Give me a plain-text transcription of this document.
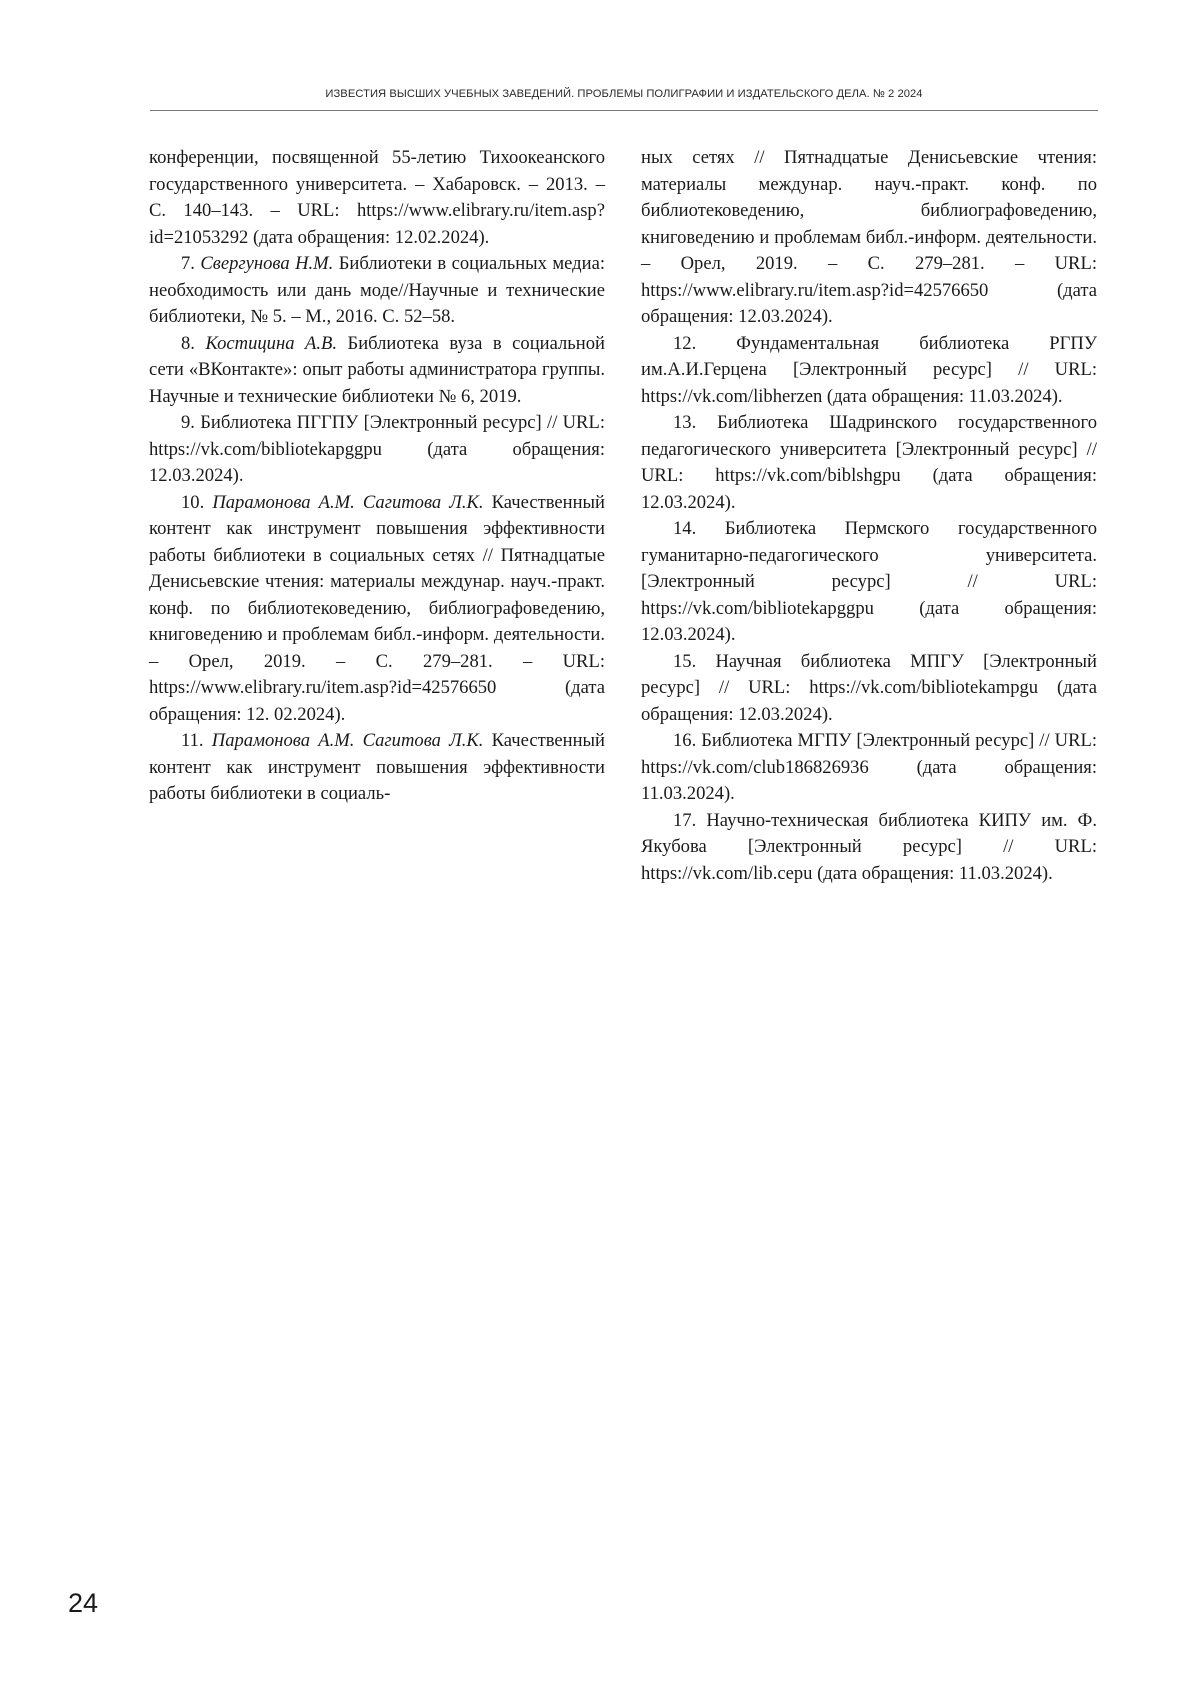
ИЗВЕСТИЯ ВЫСШИХ УЧЕБНЫХ ЗАВЕДЕНИЙ. ПРОБЛЕМЫ ПОЛИГРАФИИ И ИЗДАТЕЛЬСКОГО ДЕЛА. № 2 2024

конференции, посвященной 55-летию Тихоокеанского государственного университета. – Хабаровск. – 2013. – С. 140–143. – URL: https://www.elibrary.ru/item.asp?id=21053292 (дата обращения: 12.02.2024).

7. Свергунова Н.М. Библиотеки в социальных медиа: необходимость или дань моде//Научные и технические библиотеки, № 5. – М., 2016. С. 52–58.

8. Костицина А.В. Библиотека вуза в социальной сети «ВКонтакте»: опыт работы администратора группы. Научные и технические библиотеки № 6, 2019.

9. Библиотека ПГГПУ [Электронный ресурс] // URL: https://vk.com/bibliotekapggpu (дата обращения: 12.03.2024).

10. Парамонова А.М. Сагитова Л.К. Качественный контент как инструмент повышения эффективности работы библиотеки в социальных сетях // Пятнадцатые Денисьевские чтения: материалы междунар. науч.-практ. конф. по библиотековедению, библиографоведению, книговедению и проблемам библ.-информ. деятельности. – Орел, 2019. – С. 279–281. – URL: https://www.elibrary.ru/item.asp?id=42576650 (дата обращения: 12. 02.2024).

11. Парамонова А.М. Сагитова Л.К. Качественный контент как инструмент повышения эффективности работы библиотеки в социаль-

ных сетях // Пятнадцатые Денисьевские чтения: материалы междунар. науч.-практ. конф. по библиотековедению, библиографоведению, книговедению и проблемам библ.-информ. деятельности. – Орел, 2019. – С. 279–281. – URL: https://www.elibrary.ru/item.asp?id=42576650 (дата обращения: 12.03.2024).

12. Фундаментальная библиотека РГПУ им.А.И.Герцена [Электронный ресурс] // URL: https://vk.com/libherzen (дата обращения: 11.03.2024).

13. Библиотека Шадринского государственного педагогического университета [Электронный ресурс] // URL: https://vk.com/biblshgpu (дата обращения: 12.03.2024).

14. Библиотека Пермского государственного гуманитарно-педагогического университета. [Электронный ресурс] // URL: https://vk.com/bibliotekapggpu (дата обращения: 12.03.2024).

15. Научная библиотека МПГУ [Электронный ресурс] // URL: https://vk.com/bibliotekampgu (дата обращения: 12.03.2024).

16. Библиотека МГПУ [Электронный ресурс] // URL: https://vk.com/club186826936 (дата обращения: 11.03.2024).

17. Научно-техническая библиотека КИПУ им. Ф. Якубова [Электронный ресурс] // URL: https://vk.com/lib.cepu (дата обращения: 11.03.2024).

24
